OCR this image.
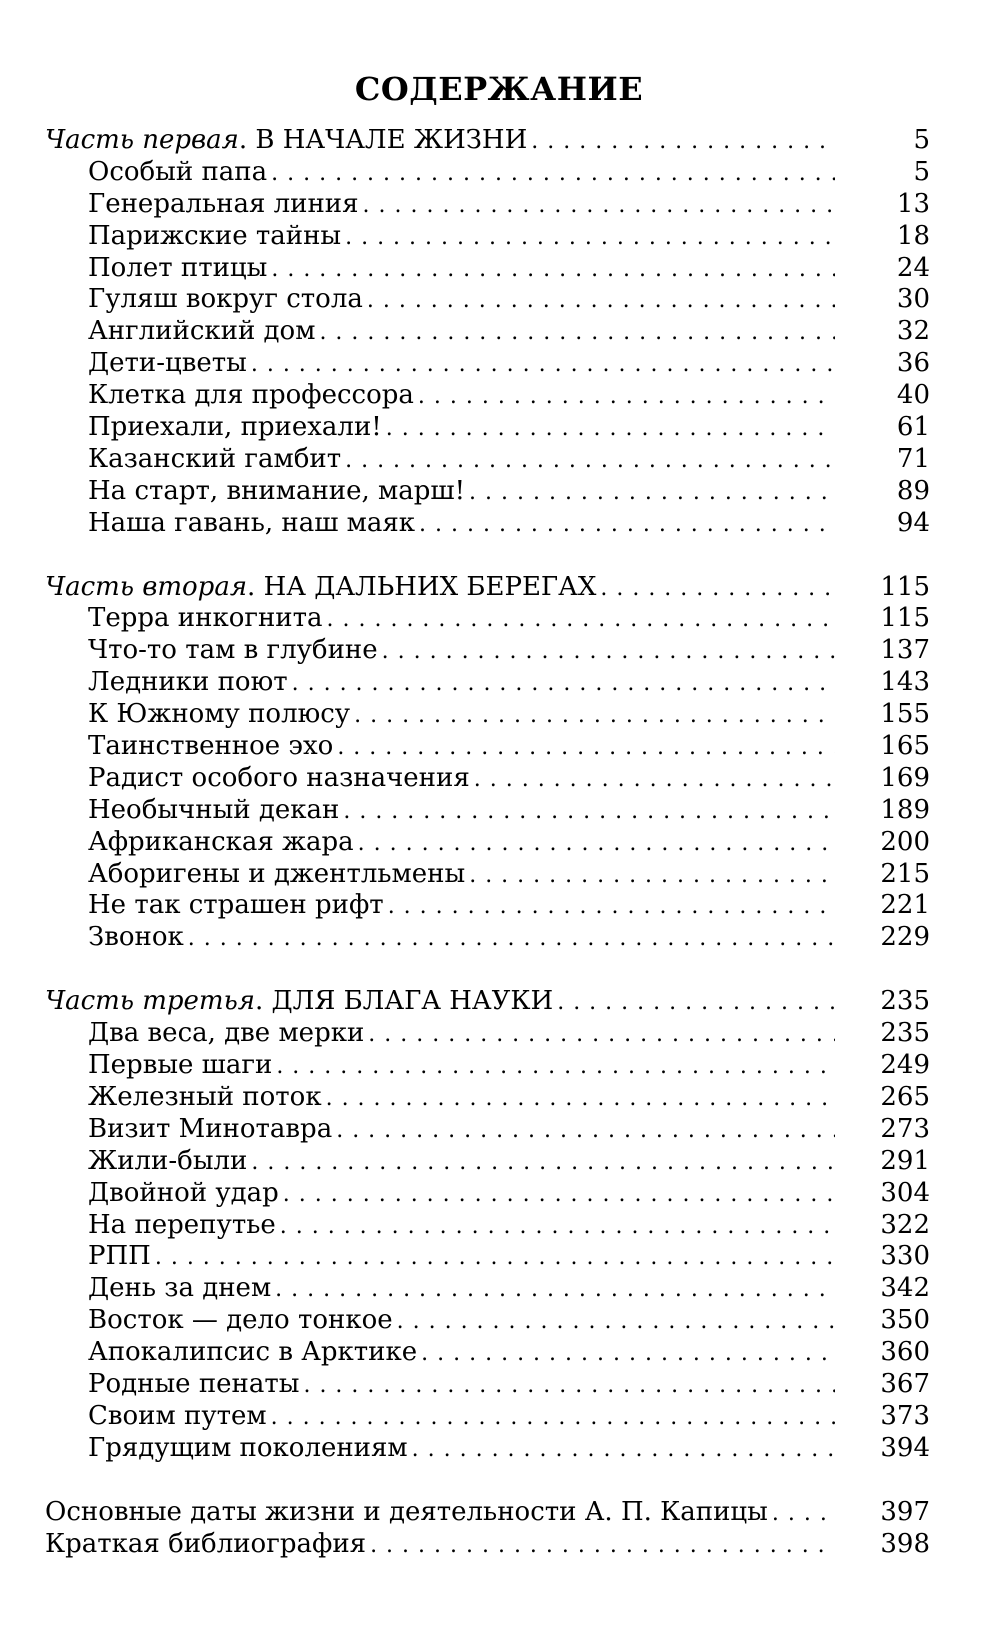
СОДЕРЖАНИЕ
Часть первая. В НАЧАЛЕ ЖИЗНИ . . .	5
Особый папа . . .	5
Генеральная линия . . .	13
Парижские тайны . . .	18
Полет птицы . . .	24
Гуляш вокруг стола . . .	30
Английский дом . . .	32
Дети-цветы . . .	36
Клетка для профессора . . .	40
Приехали, приехали! . . .	61
Казанский гамбит . . .	71
На старт, внимание, марш! . . .	89
Наша гавань, наш маяк . . .	94
Часть вторая. НА ДАЛЬНИХ БЕРЕГАХ . . .	115
Терра инкогнита . . .	115
Что-то там в глубине . . .	137
Ледники поют . . .	143
К Южному полюсу . . .	155
Таинственное эхо . . .	165
Радист особого назначения . . .	169
Необычный декан . . .	189
Африканская жара . . .	200
Аборигены и джентльмены . . .	215
Не так страшен рифт . . .	221
Звонок . . .	229
Часть третья. ДЛЯ БЛАГА НАУКИ . . .	235
Два веса, две мерки . . .	235
Первые шаги . . .	249
Железный поток . . .	265
Визит Минотавра . . .	273
Жили-были . . .	291
Двойной удар . . .	304
На перепутье . . .	322
РПП . . .	330
День за днем . . .	342
Восток — дело тонкое . . .	350
Апокалипсис в Арктике . . .	360
Родные пенаты . . .	367
Своим путем . . .	373
Грядущим поколениям . . .	394
Основные даты жизни и деятельности А. П. Капицы . . .	397
Краткая библиография . . .	398
